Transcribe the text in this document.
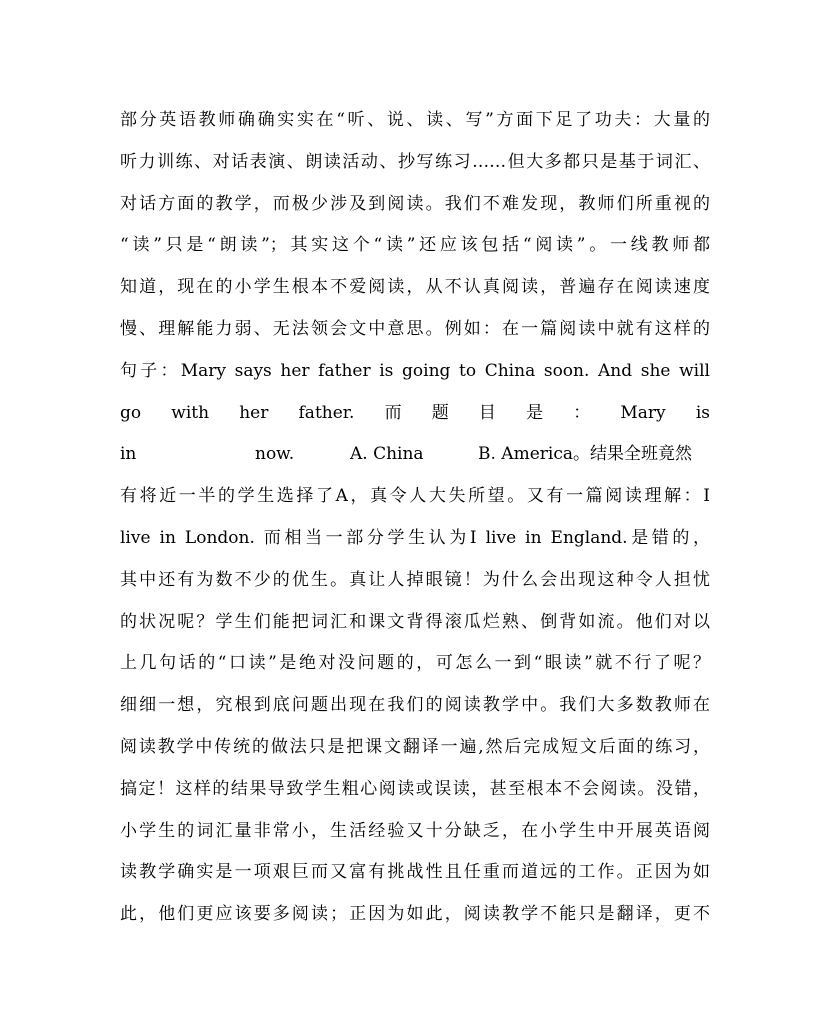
部分英语教师确确实实在“听、说、读、写”方面下足了功夫：大量的
听力训练、对话表演、朗读活动、抄写练习……但大多都只是基于词汇、
对话方面的教学，而极少涉及到阅读。我们不难发现，教师们所重视的
“读”只是“朗读”；其实这个“读”还应该包括“阅读”。一线教师都
知道，现在的小学生根本不爱阅读，从不认真阅读，普遍存在阅读速度
慢、理解能力弱、无法领会文中意思。例如：在一篇阅读中就有这样的
句子：Mary says her father is going to China soon. And she will
go with her father. 而 题 目 是 ： Mary is
in	now.	A. China	B. America。结果全班竟然
有将近一半的学生选择了A，真令人大失所望。又有一篇阅读理解：I
live in London. 而相当一部分学生认为I live in England.是错的，
其中还有为数不少的优生。真让人掉眼镜！为什么会出现这种令人担忧
的状况呢？学生们能把词汇和课文背得滚瓜烂熟、倒背如流。他们对以
上几句话的“口读”是绝对没问题的，可怎么一到“眼读”就不行了呢？
细细一想，究根到底问题出现在我们的阅读教学中。我们大多数教师在
阅读教学中传统的做法只是把课文翻译一遍,然后完成短文后面的练习，
搞定！这样的结果导致学生粗心阅读或误读，甚至根本不会阅读。没错，
小学生的词汇量非常小，生活经验又十分缺乏，在小学生中开展英语阅
读教学确实是一项艰巨而又富有挑战性且任重而道远的工作。正因为如
此，他们更应该要多阅读；正因为如此，阅读教学不能只是翻译，更不
